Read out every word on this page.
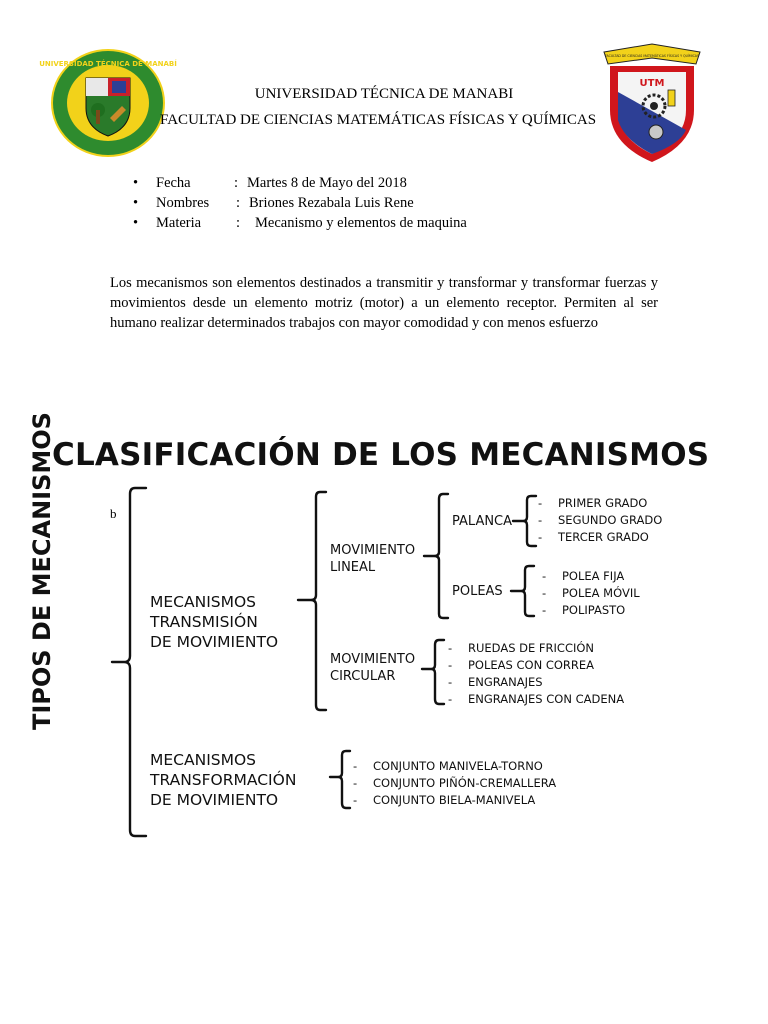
UNIVERSIDAD TÉCNICA DE MANABÍ
FACULTAD DE CIENCIAS MATEMÁTICAS FÍSICAS Y QUÍMICAS
UTM
UNIVERSIDAD TÉCNICA DE MANABI
FACULTAD DE CIENCIAS MATEMÁTICAS FÍSICAS Y QUÍMICAS
• Fecha	: Martes 8 de Mayo del 2018
• Nombres : Briones Rezabala Luis Rene
• Materia : Mecanismo y elementos de maquina
Los mecanismos son elementos destinados a transmitir y transformar y transformar fuerzas y movimientos desde un elemento motriz (motor) a un elemento receptor. Permiten al ser humano realizar determinados trabajos con mayor comodidad y con menos esfuerzo
CLASIFICACIÓN DE LOS MECANISMOS
b
TIPOS DE MECANISMOS	MECANISMOS
TRANSMISIÓN
DE MOVIMIENTO
MECANISMOS
TRANSFORMACIÓN
DE MOVIMIENTO
MOVIMIENTO
LINEAL
MOVIMIENTO
CIRCULAR
PALANCA
POLEAS
- PRIMER GRADO
- SEGUNDO GRADO
- TERCER GRADO
- POLEA FIJA
- POLEA MÓVIL
- POLIPASTO
- RUEDAS DE FRICCIÓN
- POLEAS CON CORREA
- ENGRANAJES
- ENGRANAJES CON CADENA
- CONJUNTO MANIVELA-TORNO
- CONJUNTO PIÑÓN-CREMALLERA
- CONJUNTO BIELA-MANIVELA
